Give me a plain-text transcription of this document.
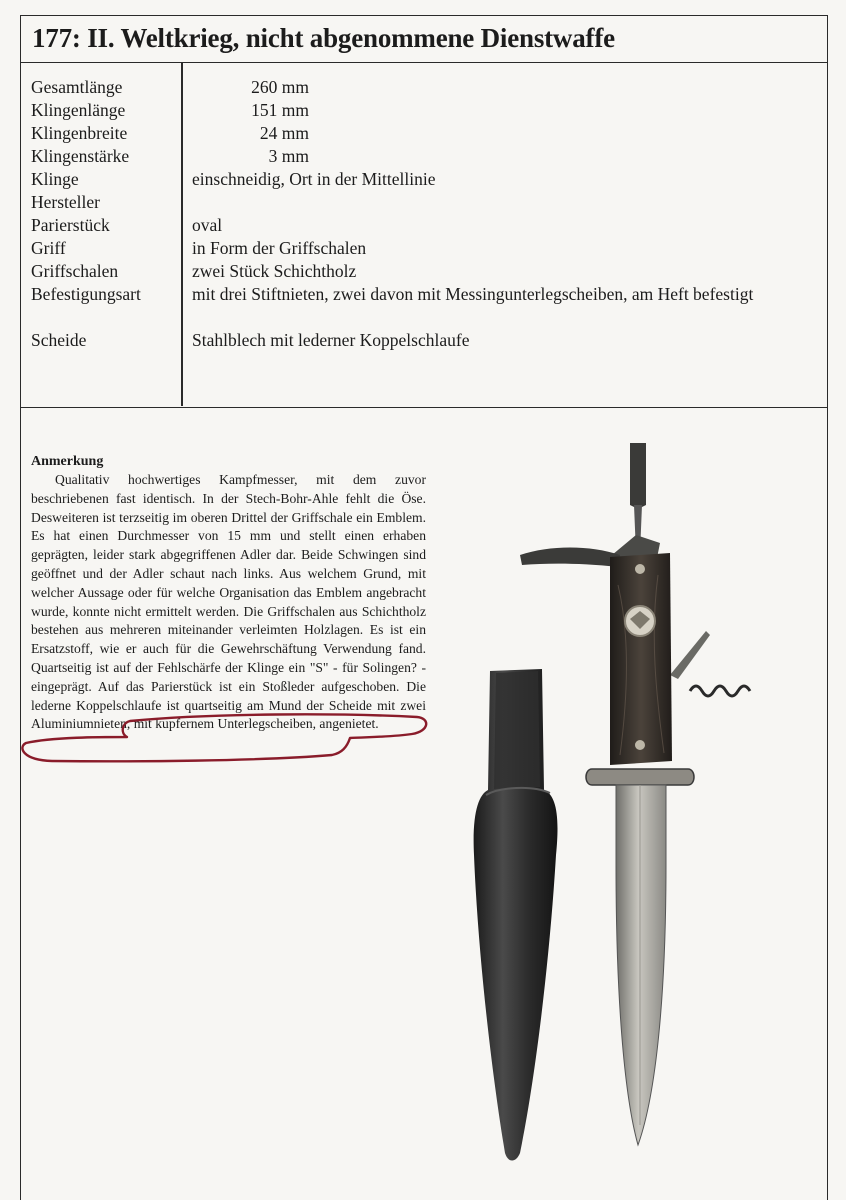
177: II. Weltkrieg, nicht abgenommene Dienstwaffe
Gesamtlänge	260 mm
Klingenlänge	151 mm
Klingenbreite	24 mm
Klingenstärke	3 mm
Klinge	einschneidig, Ort in der Mittellinie
Hersteller
Parierstück	oval
Griff	in Form der Griffschalen
Griffschalen	zwei Stück Schichtholz
Befestigungsart	mit drei Stiftnieten, zwei davon mit Messingunterlegscheiben, am Heft befestigt
Scheide	Stahlblech mit lederner Koppelschlaufe

Anmerkung

Qualitativ hochwertiges Kampfmesser, mit dem zuvor beschriebenen fast identisch. In der Stech-Bohr-Ahle fehlt die Öse. Desweiteren ist terzseitig im oberen Drittel der Griffschale ein Emblem. Es hat einen Durchmesser von 15 mm und stellt einen erhaben geprägten, leider stark abgegriffenen Adler dar. Beide Schwingen sind geöffnet und der Adler schaut nach links. Aus welchem Grund, mit welcher Aussage oder für welche Organisation das Emblem angebracht wurde, konnte nicht ermittelt werden. Die Griffschalen aus Schichtholz bestehen aus mehreren miteinander verleimten Holzlagen. Es ist ein Ersatzstoff, wie er auch für die Gewehrschäftung Verwendung fand. Quartseitig ist auf der Fehlschärfe der Klinge ein "S" - für Solingen? - eingeprägt. Auf das Parierstück ist ein Stoßleder aufgeschoben. Die lederne Koppelschlaufe ist quartseitig am Mund der Scheide mit zwei Aluminiumnieten, mit kupfernem Unterlegscheiben, angenietet.
